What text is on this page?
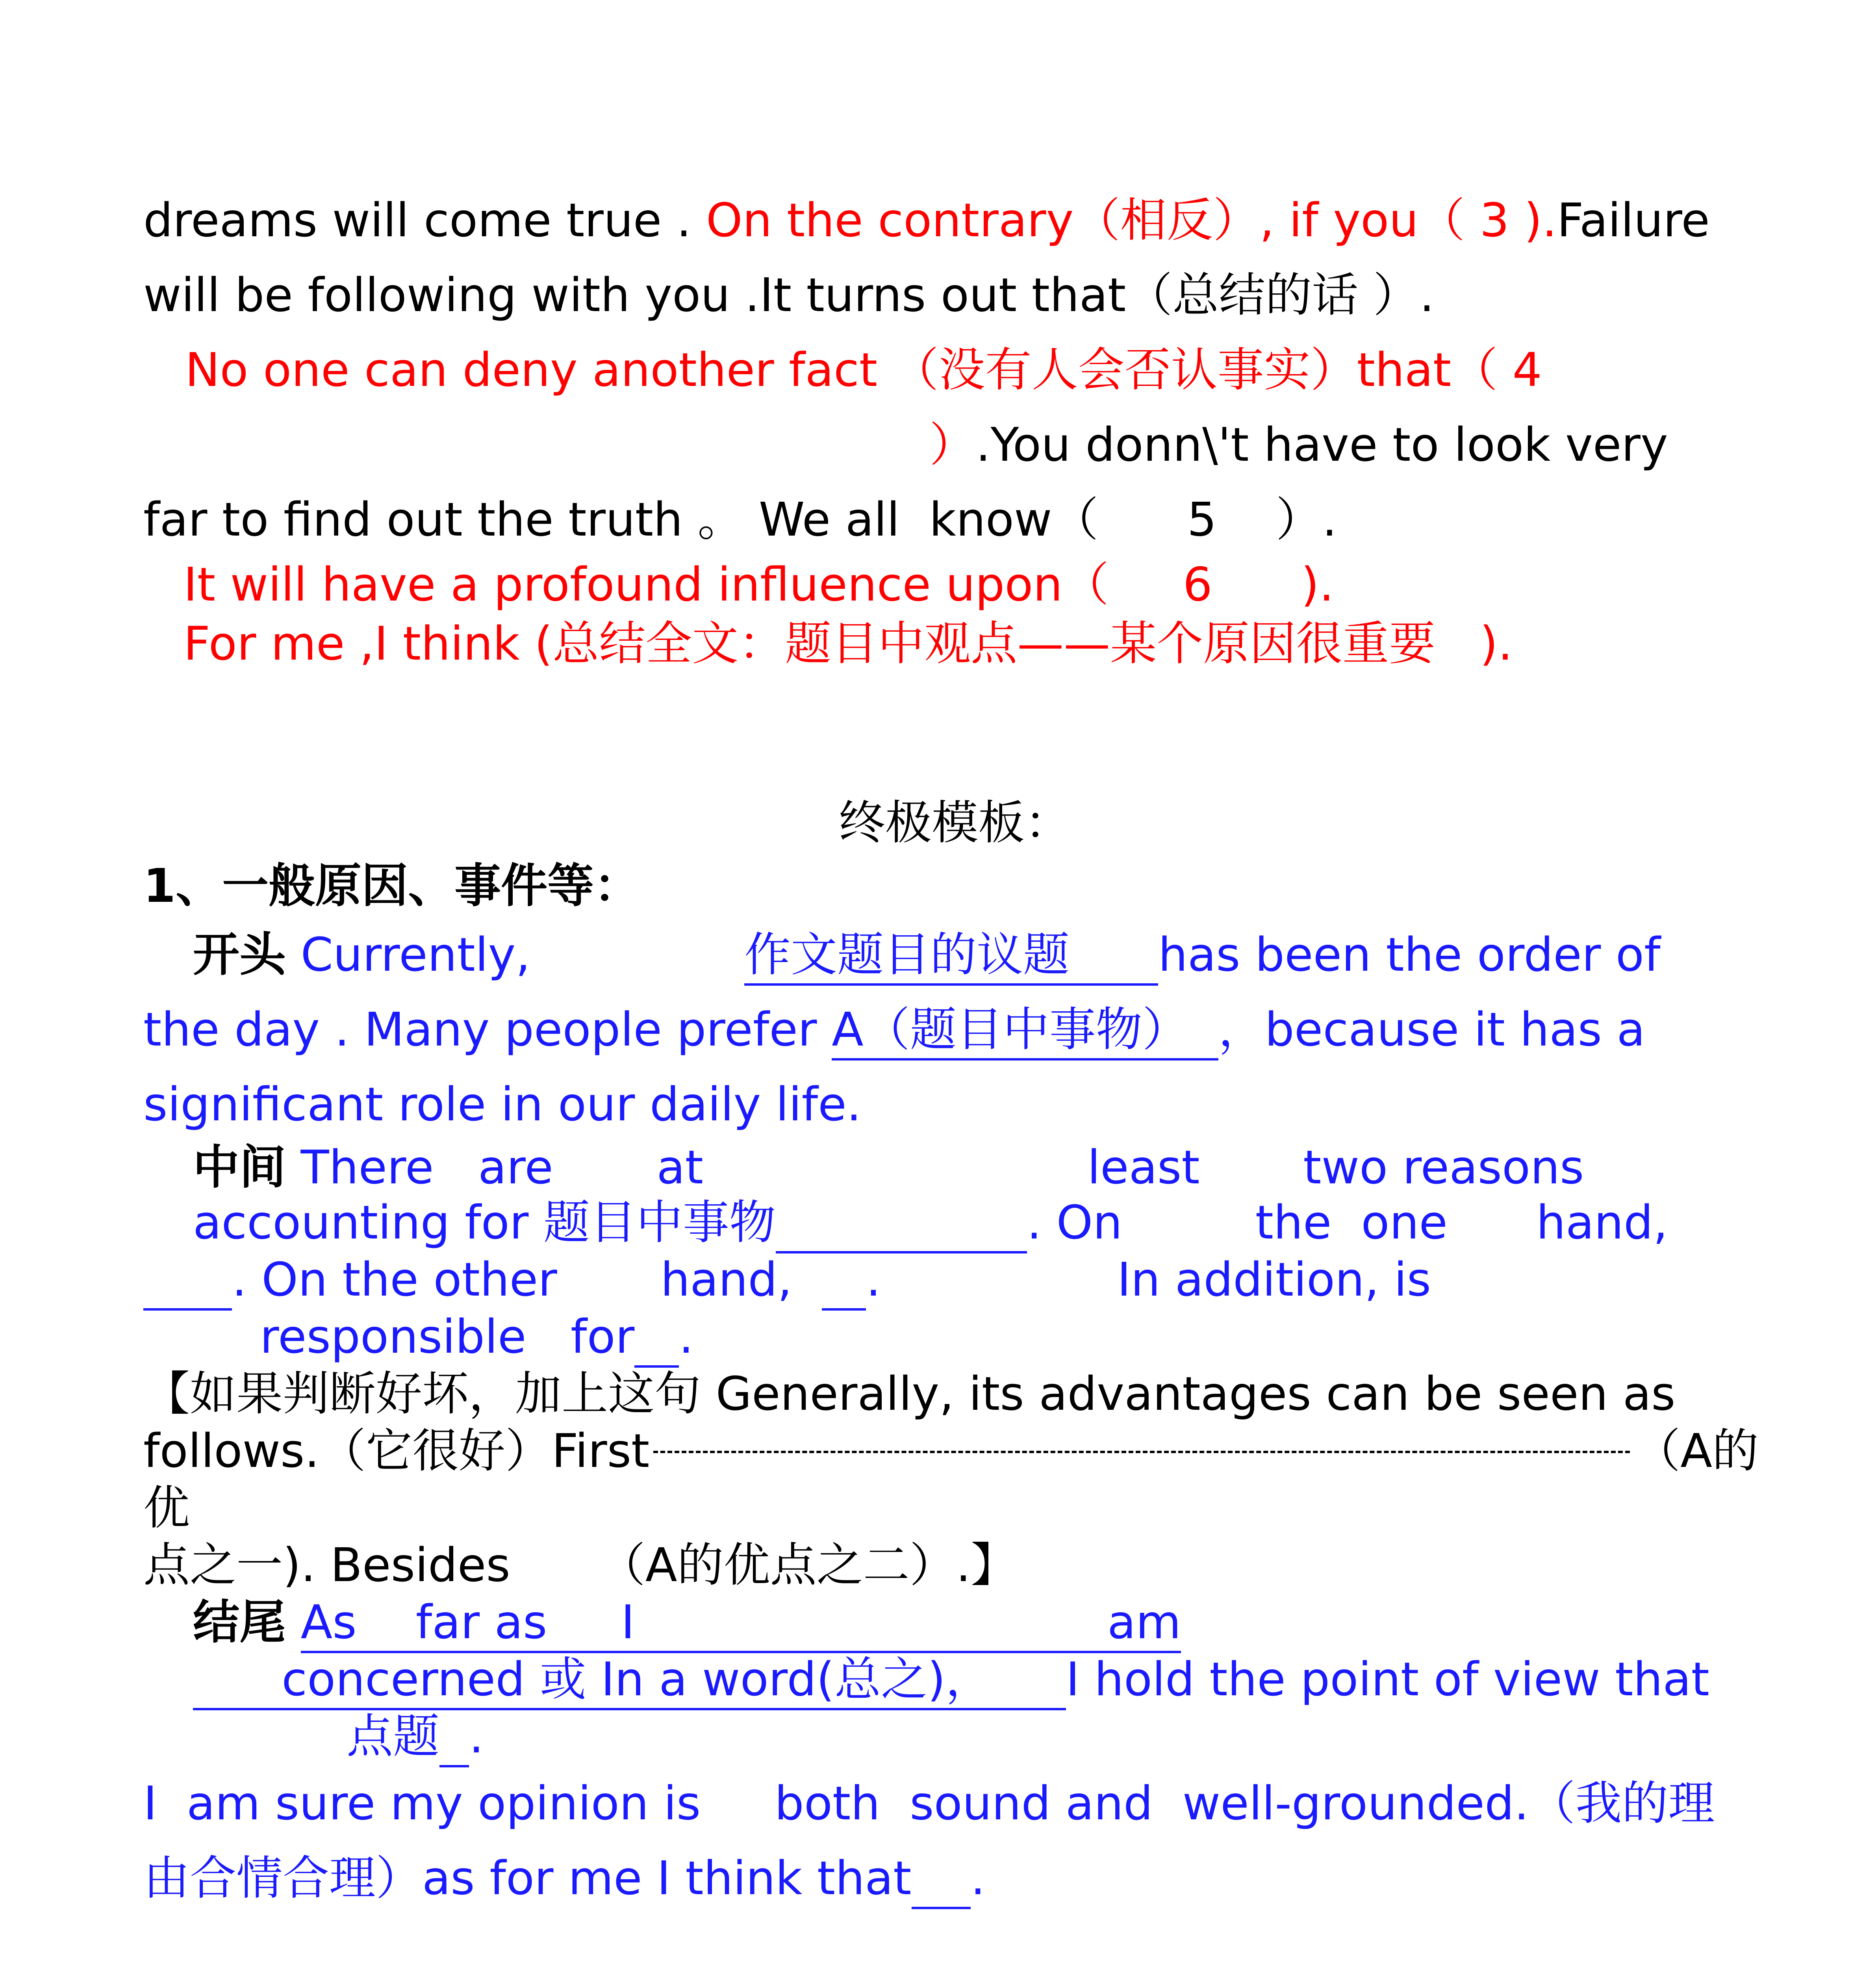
dreams will come true . On the contrary（相反）, if you（ 3 ).Failure
will be following with you .It turns out that（总结的话 ）.
No one can deny another fact （没有人会否认事实）that（ 4
）.You donn\'t have to look very
far to find out the truth 。 We all  know（      5    ）.
It will have a profound influence upon（     6      ).
For me ,I think (总结全文：题目中观点——某个原因很重要   ).
终极模板：
1、一般原因、事件等：
开头 Currently,	作文题目的议题 has been the order of
the day . Many people prefer A（题目中事物） ，because it has a
significant role in our daily life.
中间 There   are       at                          least       two reasons
accounting for 题目中事物	. On         the  one      hand,
. On the other       hand,     .                In addition, is
responsible   for .
【如果判断好坏，加上这句 Generally, its advantages can be seen as
follows.（它很好）First	（A的
优
点之一). Besides      （A的优点之二）.】
结尾 As    far as     I                                am
concerned 或 In a word(总之)， I hold the point of view that
点题 .
I  am sure my opinion is     both  sound and  well-grounded.（我的理
由合情合理）as for me I think that .
